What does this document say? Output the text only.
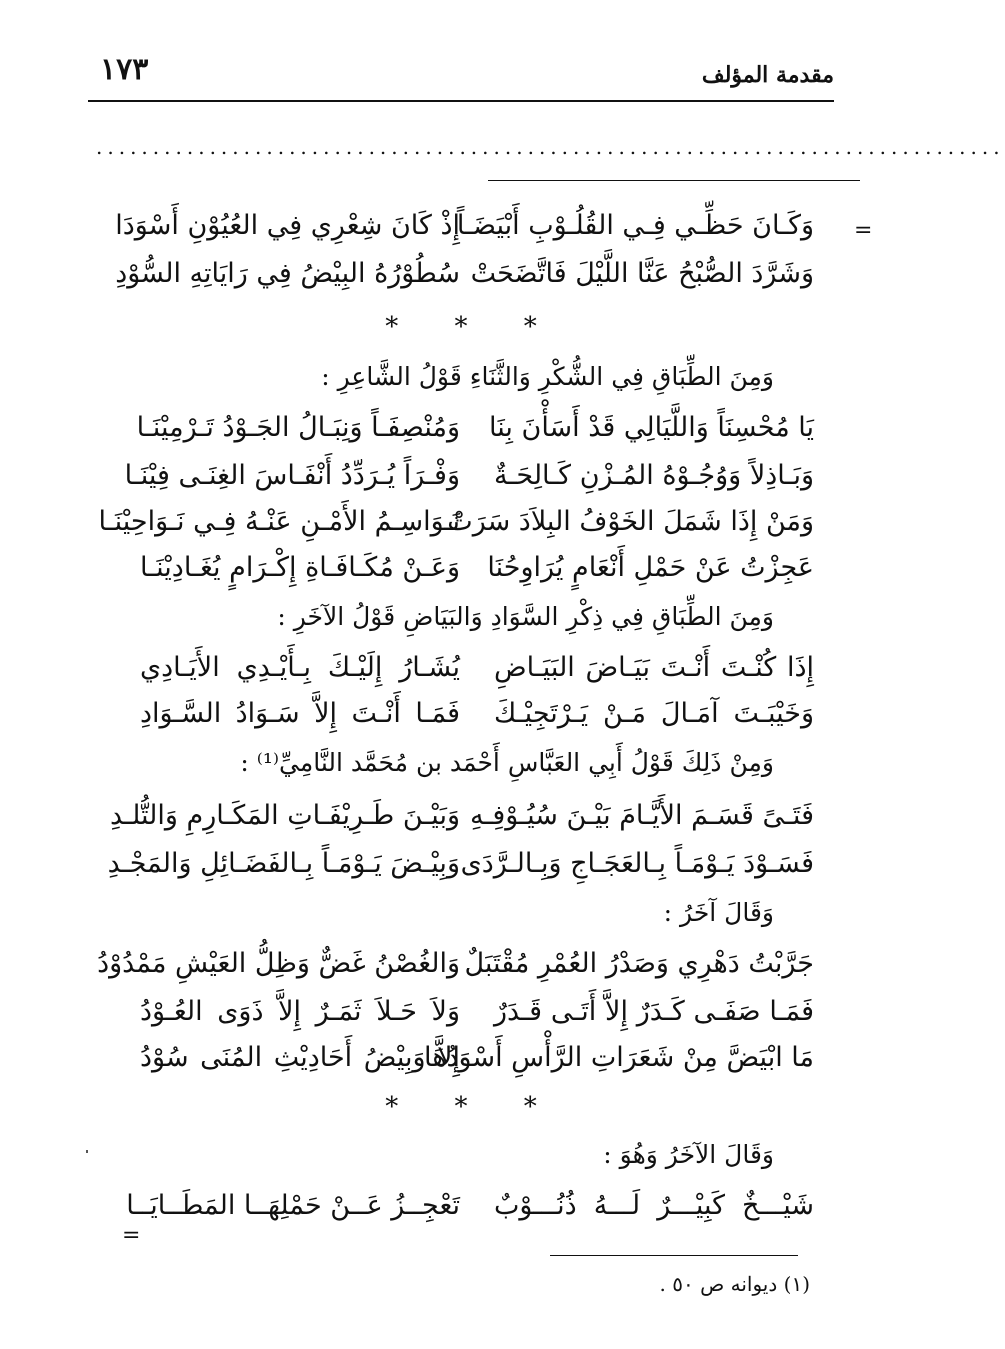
مقدمة المؤلف
١٧٣
................................................................................
=
وَكَـانَ حَظِّـي فِـي القُلُـوْبِ أَبْيَضَـاً
إِذْ كَانَ شِعْرِي فِي العُيُوْنِ أَسْوَدَا
وَشَرَّدَ الصُّبْحُ عَنَّا اللَّيْلَ فَاتَّضَحَتْ
سُطُوْرُهُ البِيْضُ فِي رَايَاتِهِ السُّوْدِ
* * *
وَمِنَ الطِّبَاقِ فِي الشُّكْرِ وَالثَّنَاءِ قَوْلُ الشَّاعِرِ :
يَا مُحْسِنَاً وَاللَّيَالِي قَدْ أَسَأْنَ بِنَا
وَمُنْصِفَـاً وَنِبَـالُ الجَـوْدُ تَـرْمِيْنَـا
وَبَـاذِلاً وَوُجُـوْهُ المُـزْنِ كَـالِحَـةٌ
وَفْـرَاً يُـرَدِّدُ أَنْفَـاسَ الغِنَـى فِيْنَـا
وَمَنْ إِذَا شَمَلَ الخَوْفُ البِلاَدَ سَرَتْ
نَـوَاسِـمُ الأَمْـنِ عَنْـهُ فِـي نَـوَاحِيْنَـا
عَجِزْتُ عَنْ حَمْلِ أَنْعَامٍ يُرَاوِحُنَا
وَعَـنْ مُكَـافَـاةِ إِكْـرَامٍ يُغَـادِيْنَـا
وَمِنَ الطِّبَاقِ فِي ذِكْرِ السَّوَادِ وَالبَيَاضِ قَوْلُ الآخَرِ :
إِذَا كُنْـتَ أَنْـتَ بَيَـاضَ البَيَـاضِ
يُشَـارُ إِلَيْـكَ بِـأَيْـدِي الأَيَـادِي
وَخَيْبَـتَ آمَـالَ مَـنْ يَـرْتَجِيْـكَ
فَمَـا أَنْـتَ إِلاَّ سَـوَادُ السَّـوَادِ
وَمِنْ ذَلِكَ قَوْلُ أَبِي العَبَّاسِ أَحْمَد بن مُحَمَّد النَّامِيِّ⁽¹⁾ :
فَتَـىً قَسَـمَ الأَيَّـامَ بَيْـنَ سُيُـوْفِـهِ
وَبَيْـنَ طَـرِيْفَـاتِ المَكَـارِمِ وَالتُّلـدِ
فَسَـوْدَ يَـوْمَـاً بِـالعَجَـاجِ وَبِـالـرَّدَى
وَبِيْـضَ يَـوْمَـاً بِـالفَضَـائِلِ وَالمَجْـدِ
وَقَالَ آخَرُ :
جَرَّبْتُ دَهْرِي وَصَدْرُ العُمْرِ مُقْتَبَلٌ
وَالغُصْنُ غَضٌّ وَظِلُّ العَيْشِ مَمْدُوْدُ
فَمَـا صَفَـى كَـدَرٌ إِلاَّ أَتَـى قَـدَرٌ
وَلاَ حَـلاَ ثَمَـرٌ إِلاَّ ذَوَى العُـوْدُ
مَا ابْيَضَّ مِنْ شَعَرَاتِ الرَّأْسِ أَسْوَدُهَا
إِلاَّ وَبِيْضُ أَحَادِيْثِ المُنَى سُوْدُ
* * *
وَقَالَ الآخَرُ وَهُوَ :
شَيْـــخٌ كَبِيْـــرٌ لَـــهُ ذُنُـــوْبٌ
تَعْجِــزُ عَــنْ حَمْلِهَــا المَطَــايَــا
=
(١) ديوانه ص ٥٠ .
